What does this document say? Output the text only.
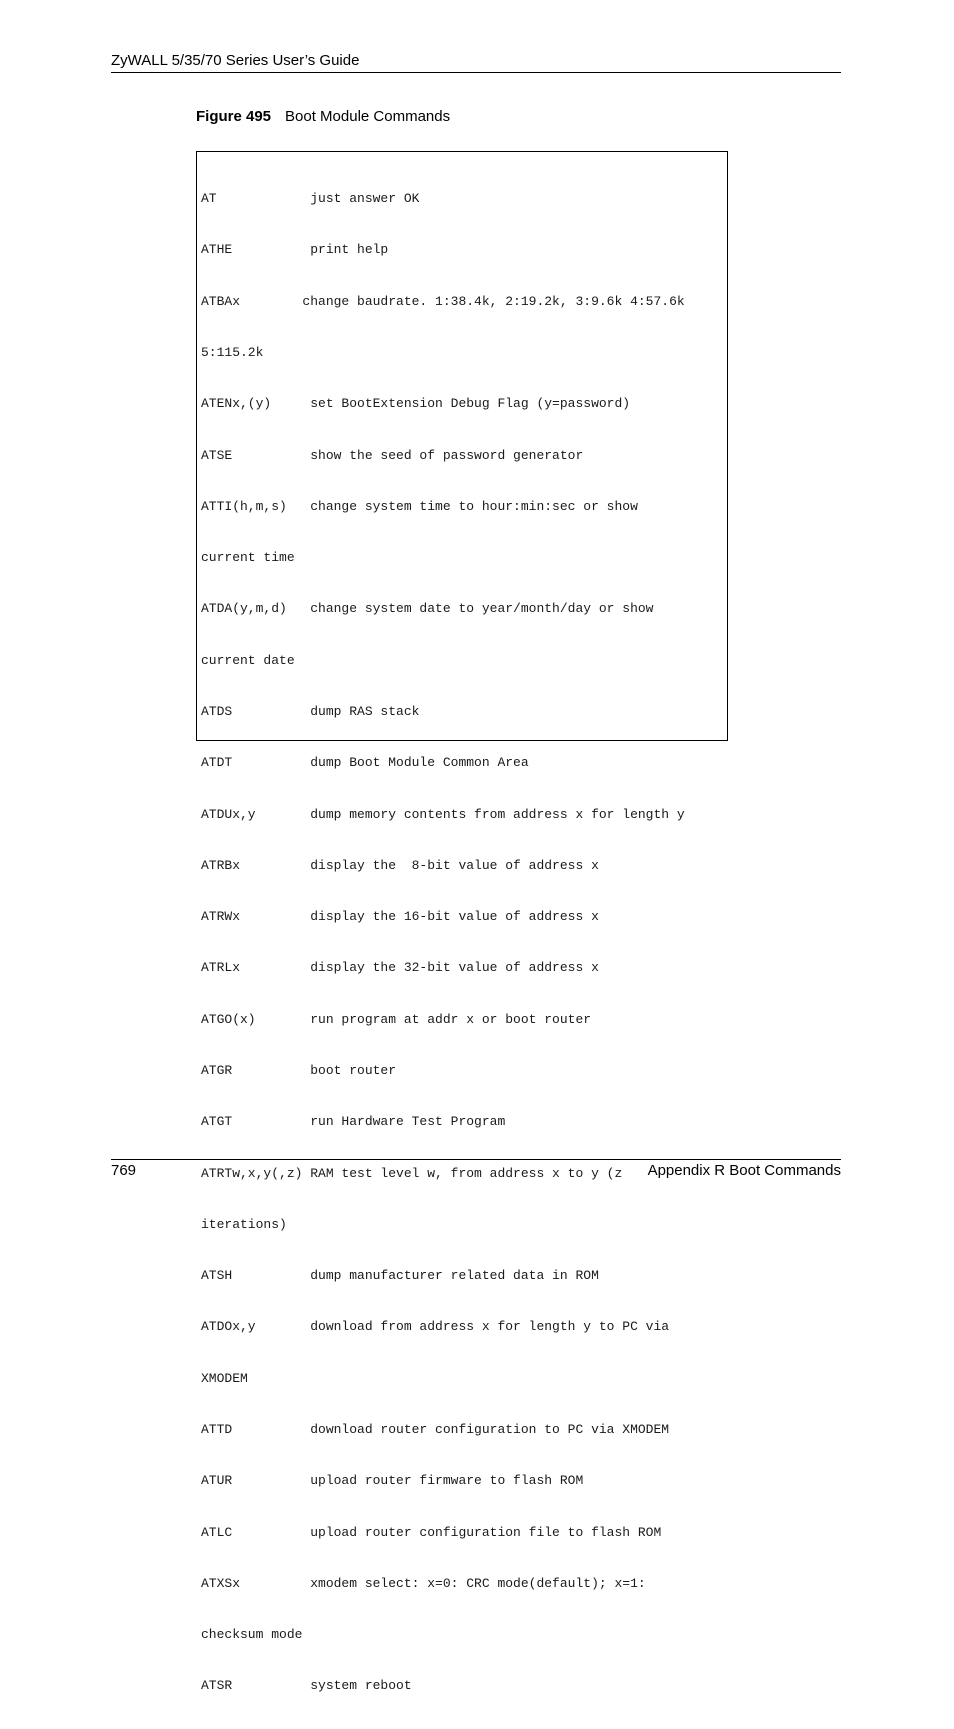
ZyWALL 5/35/70 Series User’s Guide
Figure 495 Boot Module Commands

AT            just answer OK

ATHE          print help

ATBAx        change baudrate. 1:38.4k, 2:19.2k, 3:9.6k 4:57.6k

5:115.2k

ATENx,(y)     set BootExtension Debug Flag (y=password)

ATSE          show the seed of password generator

ATTI(h,m,s)   change system time to hour:min:sec or show

current time

ATDA(y,m,d)   change system date to year/month/day or show

current date

ATDS          dump RAS stack

ATDT          dump Boot Module Common Area

ATDUx,y       dump memory contents from address x for length y

ATRBx         display the  8-bit value of address x

ATRWx         display the 16-bit value of address x

ATRLx         display the 32-bit value of address x

ATGO(x)       run program at addr x or boot router

ATGR          boot router

ATGT          run Hardware Test Program

ATRTw,x,y(,z) RAM test level w, from address x to y (z

iterations)

ATSH          dump manufacturer related data in ROM

ATDOx,y       download from address x for length y to PC via

XMODEM

ATTD          download router configuration to PC via XMODEM

ATUR          upload router firmware to flash ROM

ATLC          upload router configuration file to flash ROM

ATXSx         xmodem select: x=0: CRC mode(default); x=1:

checksum mode

ATSR          system reboot

769	Appendix R Boot Commands
